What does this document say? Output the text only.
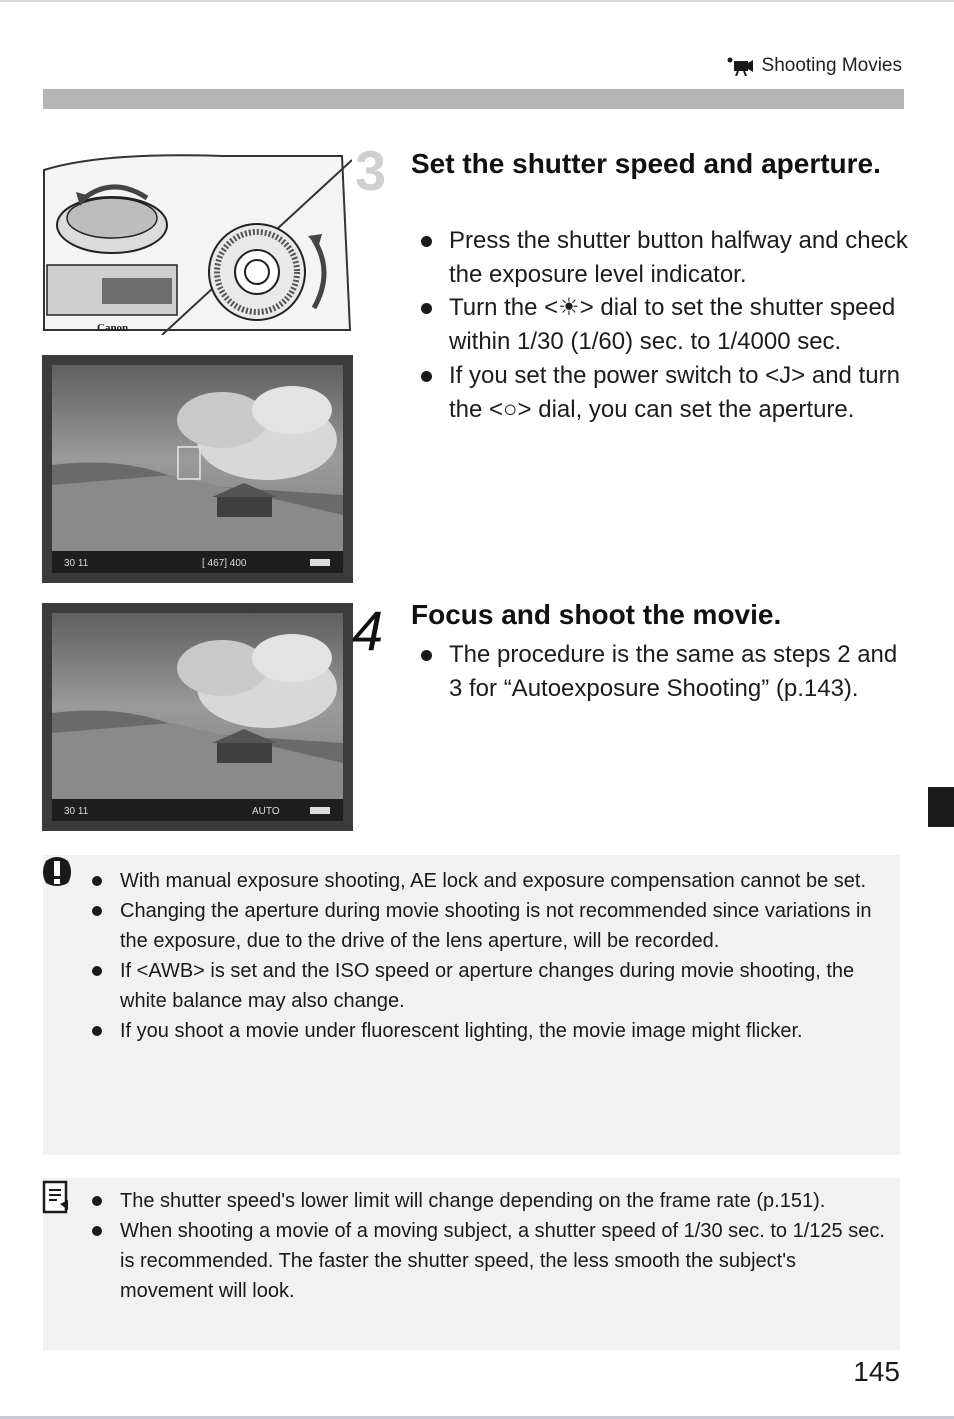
Shooting Movies
Canon
30 11	[ 467] 400
30 11	AUTO
3 Set the shutter speed and aperture.
Press the shutter button halfway and check the exposure level indicator.
Turn the <☀> dial to set the shutter speed within 1/30 (1/60) sec. to 1/4000 sec.
If you set the power switch to <J> and turn the <○> dial, you can set the aperture.
4 Focus and shoot the movie.
The procedure is the same as steps 2 and 3 for “Autoexposure Shooting” (p.143).
With manual exposure shooting, AE lock and exposure compensation cannot be set.
Changing the aperture during movie shooting is not recommended since variations in the exposure, due to the drive of the lens aperture, will be recorded.
If <AWB> is set and the ISO speed or aperture changes during movie shooting, the white balance may also change.
If you shoot a movie under fluorescent lighting, the movie image might flicker.
The shutter speed's lower limit will change depending on the frame rate (p.151).
When shooting a movie of a moving subject, a shutter speed of 1/30 sec. to 1/125 sec. is recommended. The faster the shutter speed, the less smooth the subject's movement will look.
145
